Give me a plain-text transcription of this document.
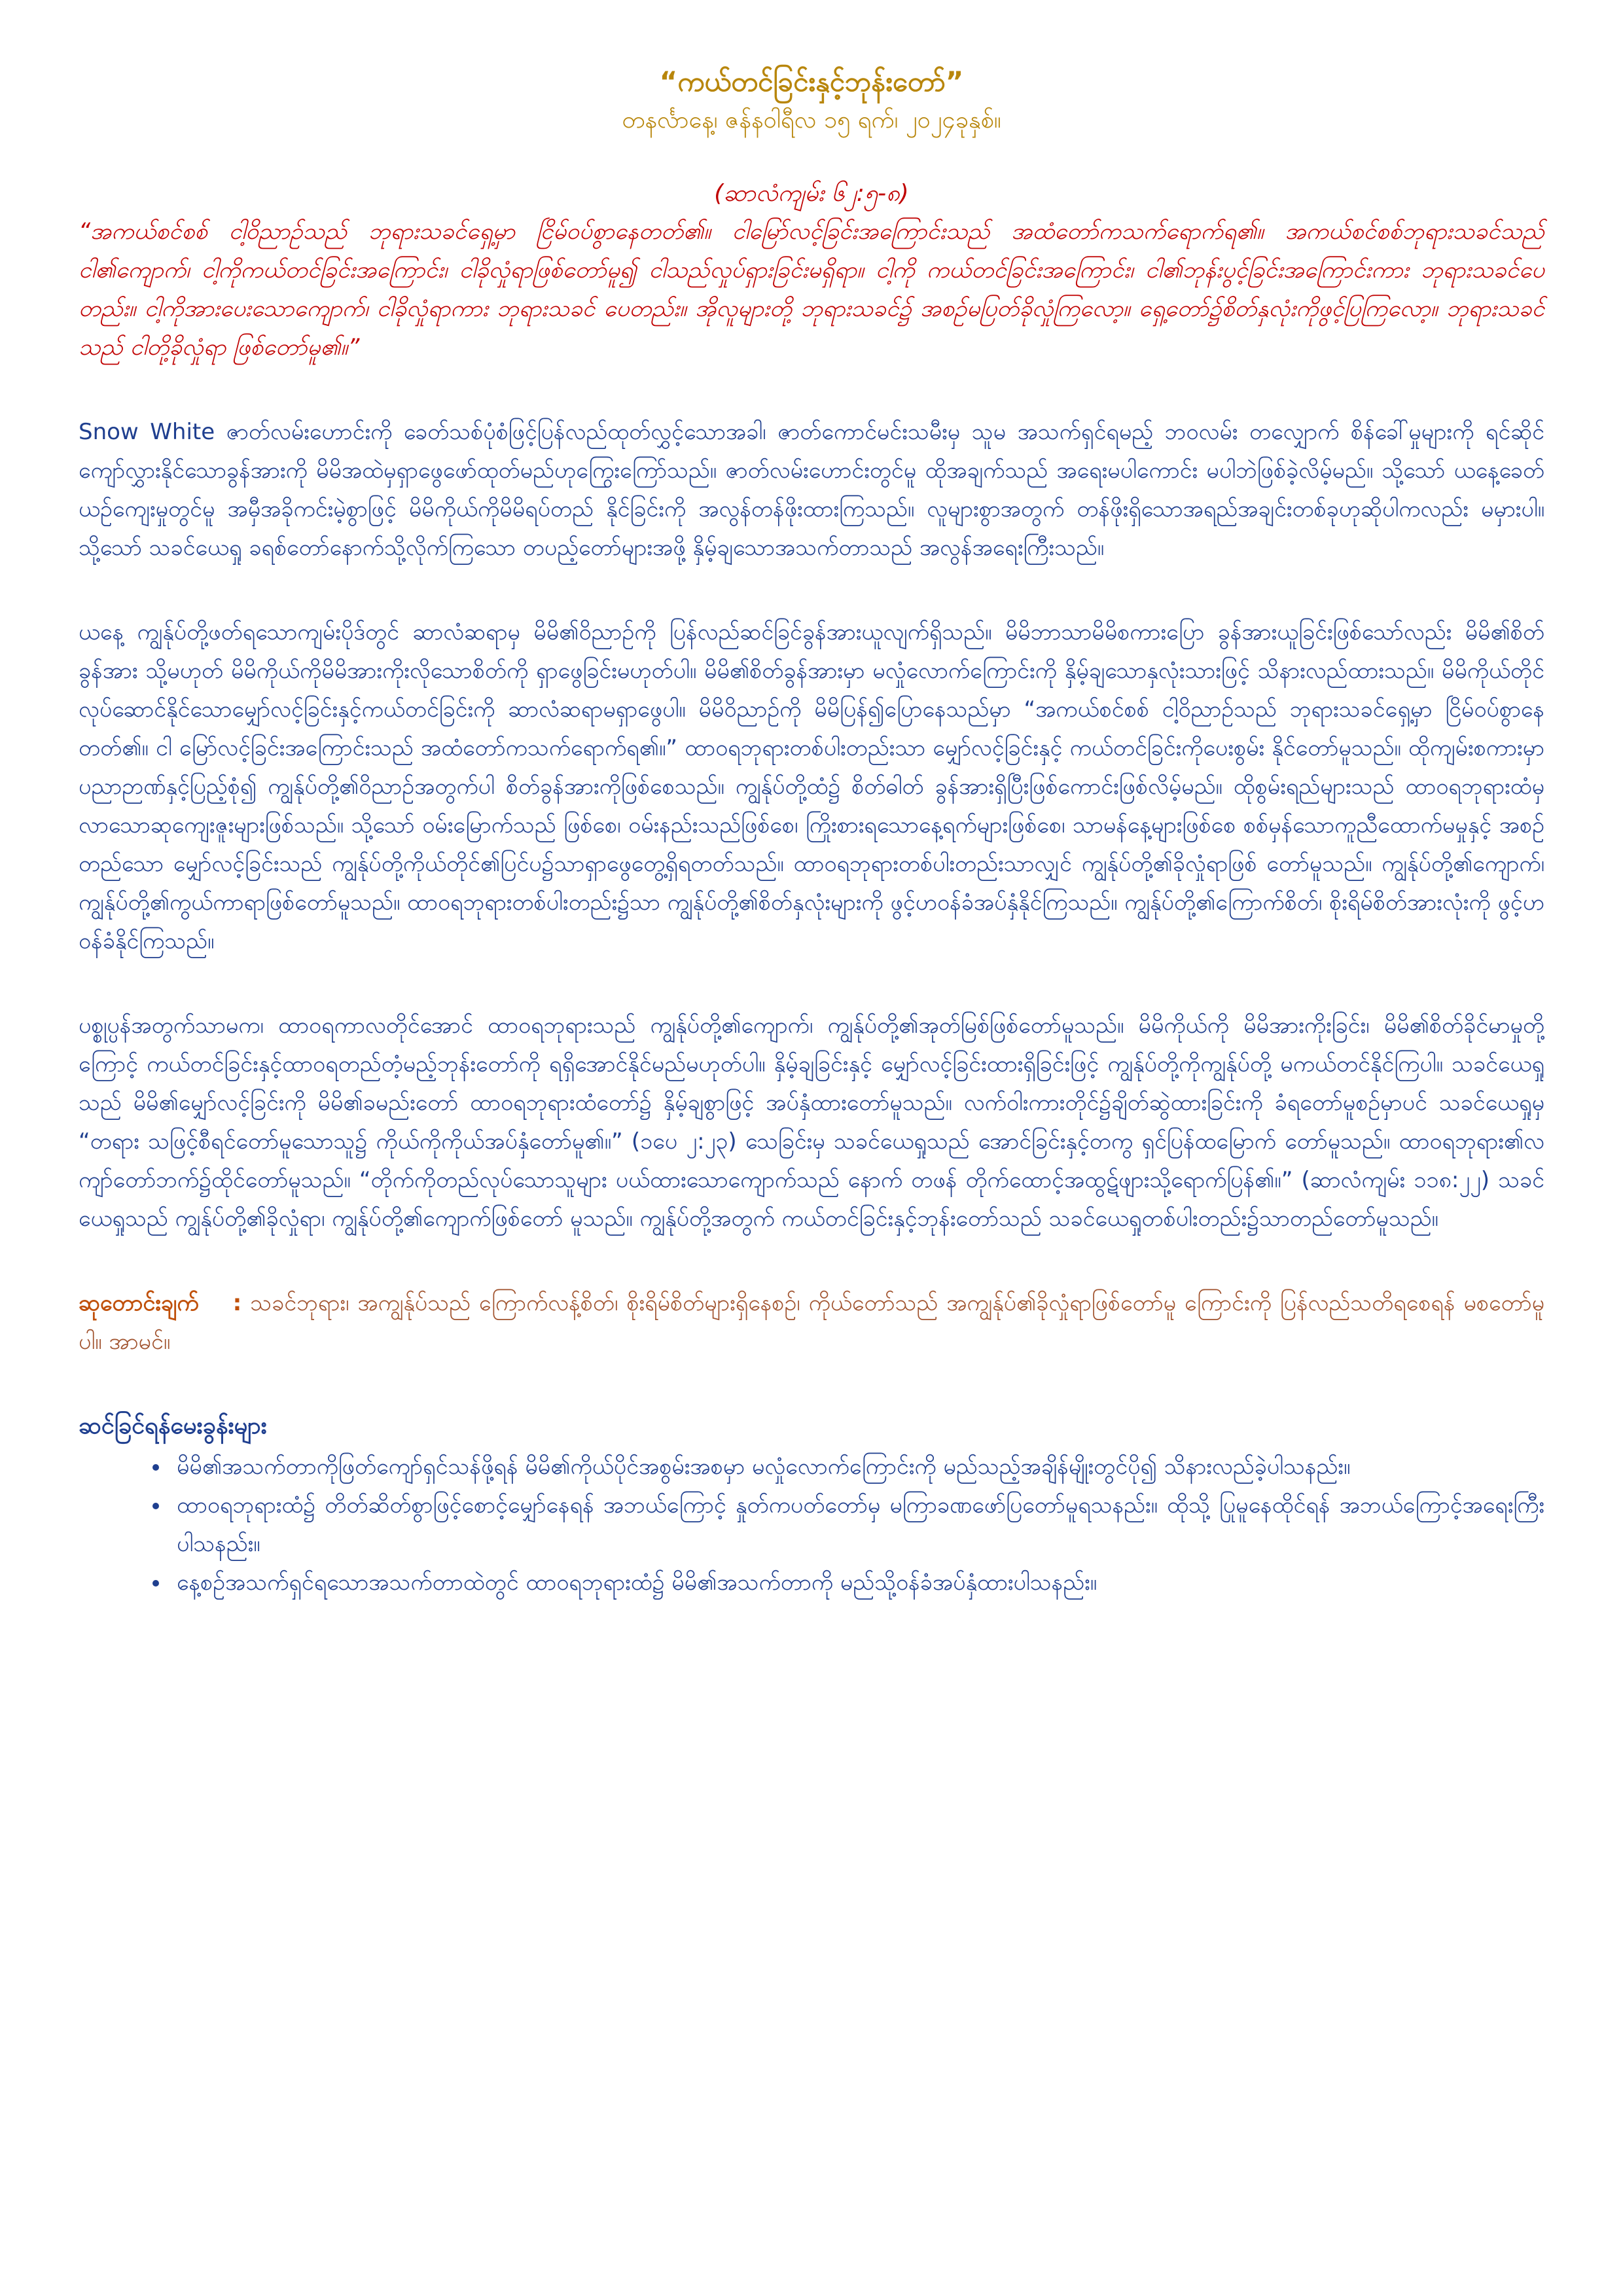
“ကယ်တင်ခြင်းနှင့်ဘုန်းတော်”

တနင်္လာနေ့၊ ဇန်နဝါရီလ ၁၅ ရက်၊ ၂၀၂၄ခုနှစ်။

(ဆာလံကျမ်း ၆၂:၅-၈)

“အကယ်စင်စစ် ငါ့ဝိညာဉ်သည် ဘုရားသခင်ရှေ့မှာ ငြိမ်ဝပ်စွာနေတတ်၏။ ငါမြော်လင့်ခြင်းအကြောင်းသည် အထံတော်ကသက်ရောက်ရ၏။ အကယ်စင်စစ်ဘုရားသခင်သည် ငါ၏ကျောက်၊ ငါ့ကိုကယ်တင်ခြင်းအကြောင်း၊ ငါခိုလှုံရာဖြစ်တော်မူ၍ ငါသည်လှုပ်ရှားခြင်းမရှိရာ။ ငါ့ကို ကယ်တင်ခြင်းအကြောင်း၊ ငါ၏ဘုန်းပွင့်ခြင်းအကြောင်းကား ဘုရားသခင်ပေတည်း။ ငါ့ကိုအားပေးသောကျောက်၊ ငါခိုလှုံရာကား ဘုရားသခင် ပေတည်း။ အိုလူများတို့ ဘုရားသခင်၌ အစဉ်မပြတ်ခိုလှုံကြလော့။ ရှေ့တော်၌စိတ်နှလုံးကိုဖွင့်ပြကြလော့။ ဘုရားသခင်သည် ငါတို့ခိုလှုံရာ ဖြစ်တော်မူ၏။”

Snow White ဇာတ်လမ်းဟောင်းကို ခေတ်သစ်ပုံစံဖြင့်ပြန်လည်ထုတ်လွှင့်သောအခါ၊ ဇာတ်ကောင်မင်းသမီးမှ သူမ အသက်ရှင်ရမည့် ဘဝလမ်း တလျှောက် စိန်ခေါ်မှုများကို ရင်ဆိုင်ကျော်လွှားနိုင်သောခွန်အားကို မိမိအထဲမှရှာဖွေဖော်ထုတ်မည်ဟုကြွေးကြော်သည်။ ဇာတ်လမ်းဟောင်းတွင်မူ ထိုအချက်သည် အရေးမပါကောင်း မပါဘဲဖြစ်ခဲ့လိမ့်မည်။ သို့သော် ယနေ့ခေတ်ယဉ်ကျေးမှုတွင်မူ အမှီအခိုကင်းမဲ့စွာဖြင့် မိမိကိုယ်ကိုမိမိရပ်တည် နိုင်ခြင်းကို အလွန်တန်ဖိုးထားကြသည်။ လူများစွာအတွက် တန်ဖိုးရှိသောအရည်အချင်းတစ်ခုဟုဆိုပါကလည်း မမှားပါ။ သို့သော် သခင်ယေရှု ခရစ်တော်နောက်သို့လိုက်ကြသော တပည့်တော်များအဖို့ နှိမ့်ချသောအသက်တာသည် အလွန်အရေးကြီးသည်။

ယနေ့ ကျွန်ုပ်တို့ဖတ်ရသောကျမ်းပိုဒ်တွင် ဆာလံဆရာမှ မိမိ၏ဝိညာဉ်ကို ပြန်လည်ဆင်ခြင်ခွန်အားယူလျက်ရှိသည်။ မိမိဘာသာမိမိစကားပြော ခွန်အားယူခြင်းဖြစ်သော်လည်း မိမိ၏စိတ်ခွန်အား သို့မဟုတ် မိမိကိုယ်ကိုမိမိအားကိုးလိုသောစိတ်ကို ရှာဖွေခြင်းမဟုတ်ပါ။ မိမိ၏စိတ်ခွန်အားမှာ မလှုံလောက်ကြောင်းကို နှိမ့်ချသောနှလုံးသားဖြင့် သိနားလည်ထားသည်။ မိမိကိုယ်တိုင်လုပ်ဆောင်နိုင်သောမျှော်လင့်ခြင်းနှင့်ကယ်တင်ခြင်းကို ဆာလံဆရာမရှာဖွေပါ။ မိမိဝိညာဉ်ကို မိမိပြန်၍ပြောနေသည်မှာ “အကယ်စင်စစ် ငါ့ဝိညာဉ်သည် ဘုရားသခင်ရှေ့မှာ ငြိမ်ဝပ်စွာနေတတ်၏။ ငါ မြော်လင့်ခြင်းအကြောင်းသည် အထံတော်ကသက်ရောက်ရ၏။” ထာဝရဘုရားတစ်ပါးတည်းသာ မျှော်လင့်ခြင်းနှင့် ကယ်တင်ခြင်းကိုပေးစွမ်း နိုင်တော်မူသည်။ ထိုကျမ်းစကားမှာ ပညာဉာဏ်နှင့်ပြည့်စုံ၍ ကျွန်ုပ်တို့၏ဝိညာဉ်အတွက်ပါ စိတ်ခွန်အားကိုဖြစ်စေသည်။ ကျွန်ုပ်တို့ထံ၌ စိတ်ဓါတ် ခွန်အားရှိပြီးဖြစ်ကောင်းဖြစ်လိမ့်မည်။ ထိုစွမ်းရည်များသည် ထာဝရဘုရားထံမှလာသောဆုကျေးဇူးများဖြစ်သည်။ သို့သော် ဝမ်းမြောက်သည် ဖြစ်စေ၊ ဝမ်းနည်းသည်ဖြစ်စေ၊ ကြိုးစားရသောနေ့ရက်များဖြစ်စေ၊ သာမန်နေ့များဖြစ်စေ စစ်မှန်သောကူညီထောက်မမှုနှင့် အစဉ်တည်သော မျှော်လင့်ခြင်းသည် ကျွန်ုပ်တို့ကိုယ်တိုင်၏ပြင်ပ၌သာရှာဖွေတွေ့ရှိရတတ်သည်။ ထာဝရဘုရားတစ်ပါးတည်းသာလျှင် ကျွန်ုပ်တို့၏ခိုလှုံရာဖြစ် တော်မူသည်။ ကျွန်ုပ်တို့၏ကျောက်၊ ကျွန်ုပ်တို့၏ကွယ်ကာရာဖြစ်တော်မူသည်။ ထာဝရဘုရားတစ်ပါးတည်း၌သာ ကျွန်ုပ်တို့၏စိတ်နှလုံးများကို ဖွင့်ဟဝန်ခံအပ်နှံနိုင်ကြသည်။ ကျွန်ုပ်တို့၏ကြောက်စိတ်၊ စိုးရိမ်စိတ်အားလုံးကို ဖွင့်ဟဝန်ခံနိုင်ကြသည်။

ပစ္စုပ္ပန်အတွက်သာမက၊ ထာဝရကာလတိုင်အောင် ထာဝရဘုရားသည် ကျွန်ုပ်တို့၏ကျောက်၊ ကျွန်ုပ်တို့၏အုတ်မြစ်ဖြစ်တော်မူသည်။ မိမိကိုယ်ကို မိမိအားကိုးခြင်း၊ မိမိ၏စိတ်ခိုင်မာမှုတို့ကြောင့် ကယ်တင်ခြင်းနှင့်ထာဝရတည်တံ့မည့်ဘုန်းတော်ကို ရရှိအောင်နိုင်မည်မဟုတ်ပါ။ နှိမ့်ချခြင်းနှင့် မျှော်လင့်ခြင်းထားရှိခြင်းဖြင့် ကျွန်ုပ်တို့ကိုကျွန်ုပ်တို့ မကယ်တင်နိုင်ကြပါ။ သခင်ယေရှုသည် မိမိ၏မျှော်လင့်ခြင်းကို မိမိ၏ခမည်းတော် ထာဝရဘုရားထံတော်၌ နှိမ့်ချစွာဖြင့် အပ်နှံထားတော်မူသည်။ လက်ဝါးကားတိုင်၌ချိတ်ဆွဲထားခြင်းကို ခံရတော်မူစဉ်မှာပင် သခင်ယေရှုမှ “တရား သဖြင့်စီရင်တော်မူသောသူ၌ ကိုယ်ကိုကိုယ်အပ်နှံတော်မူ၏။” (၁ပေ ၂:၂၃) သေခြင်းမှ သခင်ယေရှုသည် အောင်ခြင်းနှင့်တကွ ရှင်ပြန်ထမြောက် တော်မူသည်။ ထာဝရဘုရား၏လကျာ်တော်ဘက်၌ထိုင်တော်မူသည်။ “တိုက်ကိုတည်လုပ်သောသူများ ပယ်ထားသောကျောက်သည် နောက် တဖန် တိုက်ထောင့်အထွဋ်ဖျားသို့ရောက်ပြန်၏။” (ဆာလံကျမ်း ၁၁၈:၂၂) သခင်ယေရှုသည် ကျွန်ုပ်တို့၏ခိုလှုံရာ၊ ကျွန်ုပ်တို့၏ကျောက်ဖြစ်တော် မူသည်။ ကျွန်ုပ်တို့အတွက် ကယ်တင်ခြင်းနှင့်ဘုန်းတော်သည် သခင်ယေရှုတစ်ပါးတည်း၌သာတည်တော်မူသည်။

ဆုတောင်းချက် : သခင်ဘုရား၊ အကျွန်ုပ်သည် ကြောက်လန့်စိတ်၊ စိုးရိမ်စိတ်များရှိနေစဉ်၊ ကိုယ်တော်သည် အကျွန်ုပ်၏ခိုလှုံရာဖြစ်တော်မူ ကြောင်းကို ပြန်လည်သတိရစေရန် မစတော်မူပါ။ အာမင်။

ဆင်ခြင်ရန်မေးခွန်းများ

• မိမိ၏အသက်တာကိုဖြတ်ကျော်ရှင်သန်ဖို့ရန် မိမိ၏ကိုယ်ပိုင်အစွမ်းအစမှာ မလှုံလောက်ကြောင်းကို မည်သည့်အချိန်မျိုးတွင်ပို၍ သိနားလည်ခဲ့ပါသနည်း။
• ထာဝရဘုရားထံ၌ တိတ်ဆိတ်စွာဖြင့်စောင့်မျှော်နေရန် အဘယ်ကြောင့် နှုတ်ကပတ်တော်မှ မကြာခဏဖော်ပြတော်မူရသနည်း။ ထိုသို့ ပြုမူနေထိုင်ရန် အဘယ်ကြောင့်အရေးကြီးပါသနည်း။
• နေ့စဉ်အသက်ရှင်ရသောအသက်တာထဲတွင် ထာဝရဘုရားထံ၌ မိမိ၏အသက်တာကို မည်သို့ဝန်ခံအပ်နှံထားပါသနည်း။
